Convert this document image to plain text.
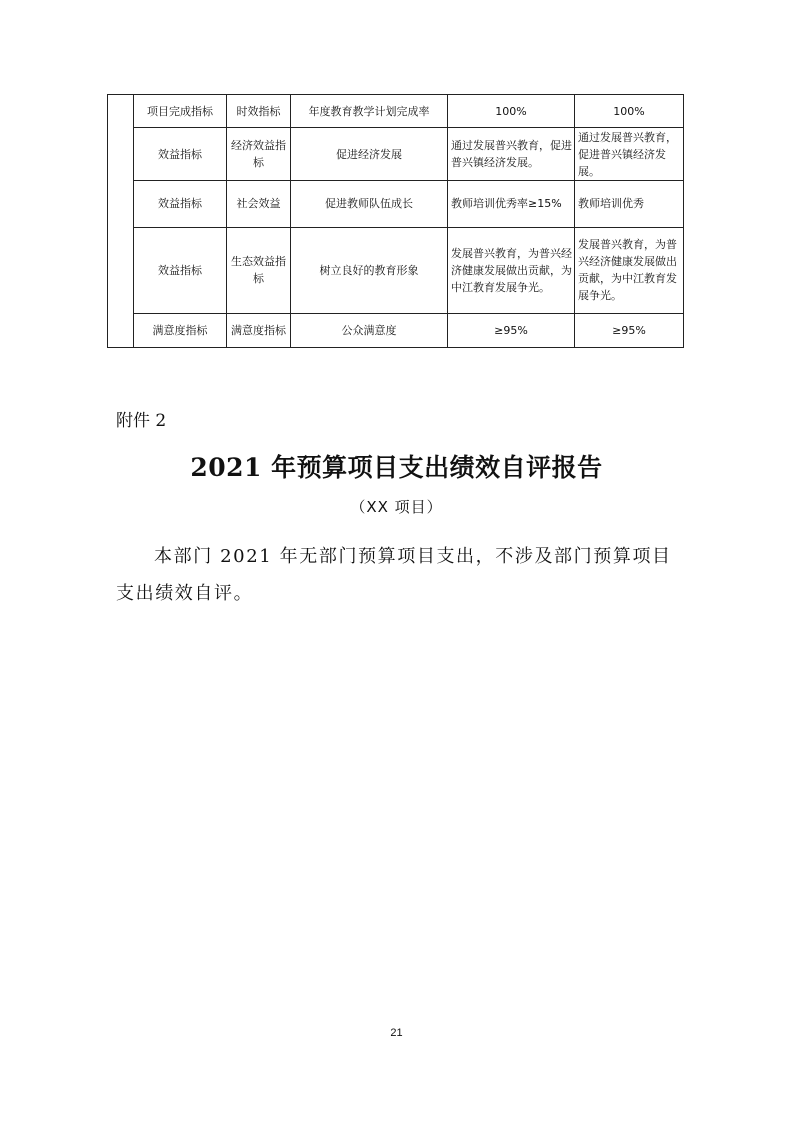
	项目完成指标	时效指标	年度教育教学计划完成率	100%	100%
	效益指标	经济效益指标	促进经济发展	通过发展普兴教育，促进普兴镇经济发展。	通过发展普兴教育，促进普兴镇经济发展。
	效益指标	社会效益	促进教师队伍成长	教师培训优秀率≥15%	教师培训优秀
	效益指标	生态效益指标	树立良好的教育形象	发展普兴教育，为普兴经济健康发展做出贡献，为中江教育发展争光。	发展普兴教育，为普兴经济健康发展做出贡献，为中江教育发展争光。
	满意度指标	满意度指标	公众满意度	≥95%	≥95%
附件 2
2021 年预算项目支出绩效自评报告
（XX 项目）

本部门 2021 年无部门预算项目支出，不涉及部门预算项目支出绩效自评。

21
